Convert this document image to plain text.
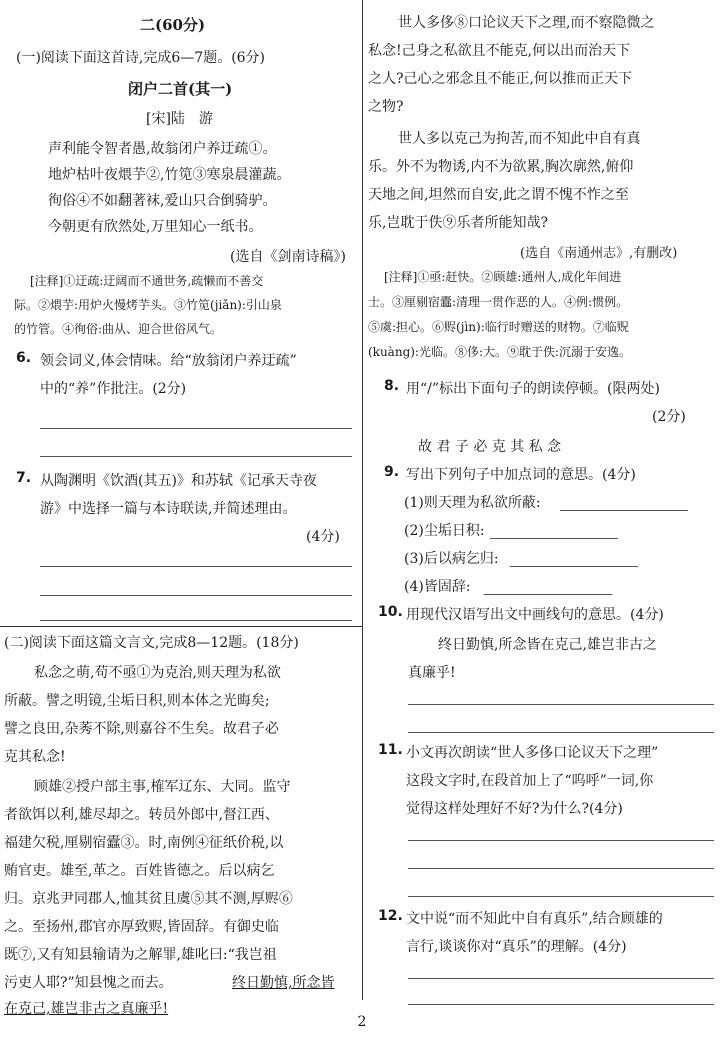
二(60分)
(一)阅读下面这首诗,完成6—7题。(6分)
闭户二首(其一)
[宋]陆　游
声利能令智者愚,故翁闭户养迂疏①。
地炉枯叶夜煨芋②,竹笕③寒泉晨灌蔬。
徇俗④不如翻著袜,爱山只合倒骑驴。
今朝更有欣然处,万里知心一纸书。
(选自《剑南诗稿》)
[注释]①迂疏:迂阔而不通世务,疏懒而不善交
际。②煨芋:用炉火慢烤芋头。③竹笕(jiǎn):引山泉
的竹管。④徇俗:曲从、迎合世俗风气。
6. 领会词义,体会情味。给“放翁闭户养迂疏”
中的“养”作批注。(2分)
7. 从陶渊明《饮酒(其五)》和苏轼《记承天寺夜
游》中选择一篇与本诗联读,并简述理由。
(4分)
(二)阅读下面这篇文言文,完成8—12题。(18分)
私念之萌,苟不亟①为克治,则天理为私欲
所蔽。譬之明镜,尘垢日积,则本体之光晦矣;
譬之良田,杂莠不除,则嘉谷不生矣。故君子必
克其私念!
顾雄②授户部主事,榷军辽东、大同。监守
者欲饵以利,雄尽却之。转员外郎中,督江西、
福建欠税,厘剔宿蠹③。时,南例④征纸价税,以
贿官吏。雄至,革之。百姓皆德之。后以病乞
归。京兆尹同郡人,恤其贫且虞⑤其不测,厚赆⑥
之。至扬州,郡官亦厚致赆,皆固辞。有御史临
既⑦,又有知县输请为之解罪,雄叱曰:“我岂祖
污吏人耶?”知县愧之而去。	终日勤慎,所念皆
在克己,雄岂非古之真廉乎!
世人多侈⑧口论议天下之理,而不察隐微之
私念!己身之私欲且不能克,何以出而治天下
之人?己心之邪念且不能正,何以推而正天下
之物?
世人多以克己为拘苦,而不知此中自有真
乐。外不为物诱,内不为欲累,胸次廓然,俯仰
天地之间,坦然而自安,此之谓不愧不怍之至
乐,岂耽于佚⑨乐者所能知哉?
(选自《南通州志》,有删改)
[注释]①亟:赶快。②顾雄:通州人,成化年间进
士。③厘剔宿蠹:清理一贯作恶的人。④例:惯例。
⑤虞:担心。⑥赆(jìn):临行时赠送的财物。⑦临贶
(kuàng):光临。⑧侈:大。⑨耽于佚:沉溺于安逸。
8. 用“/”标出下面句子的朗读停顿。(限两处)
(2分)
故 君 子 必 克 其 私 念
9. 写出下列句子中加点词的意思。(4分)
(1)则天理为私欲所蔽:
(2)尘垢日积:
(3)后以病乞归:
(4)皆固辞:
10. 用现代汉语写出文中画线句的意思。(4分)
终日勤慎,所念皆在克己,雄岂非古之
真廉乎!
11. 小文再次朗读“世人多侈口论议天下之理”
这段文字时,在段首加上了“呜呼”一词,你
觉得这样处理好不好?为什么?(4分)
12. 文中说“而不知此中自有真乐”,结合顾雄的
言行,谈谈你对“真乐”的理解。(4分)
2
